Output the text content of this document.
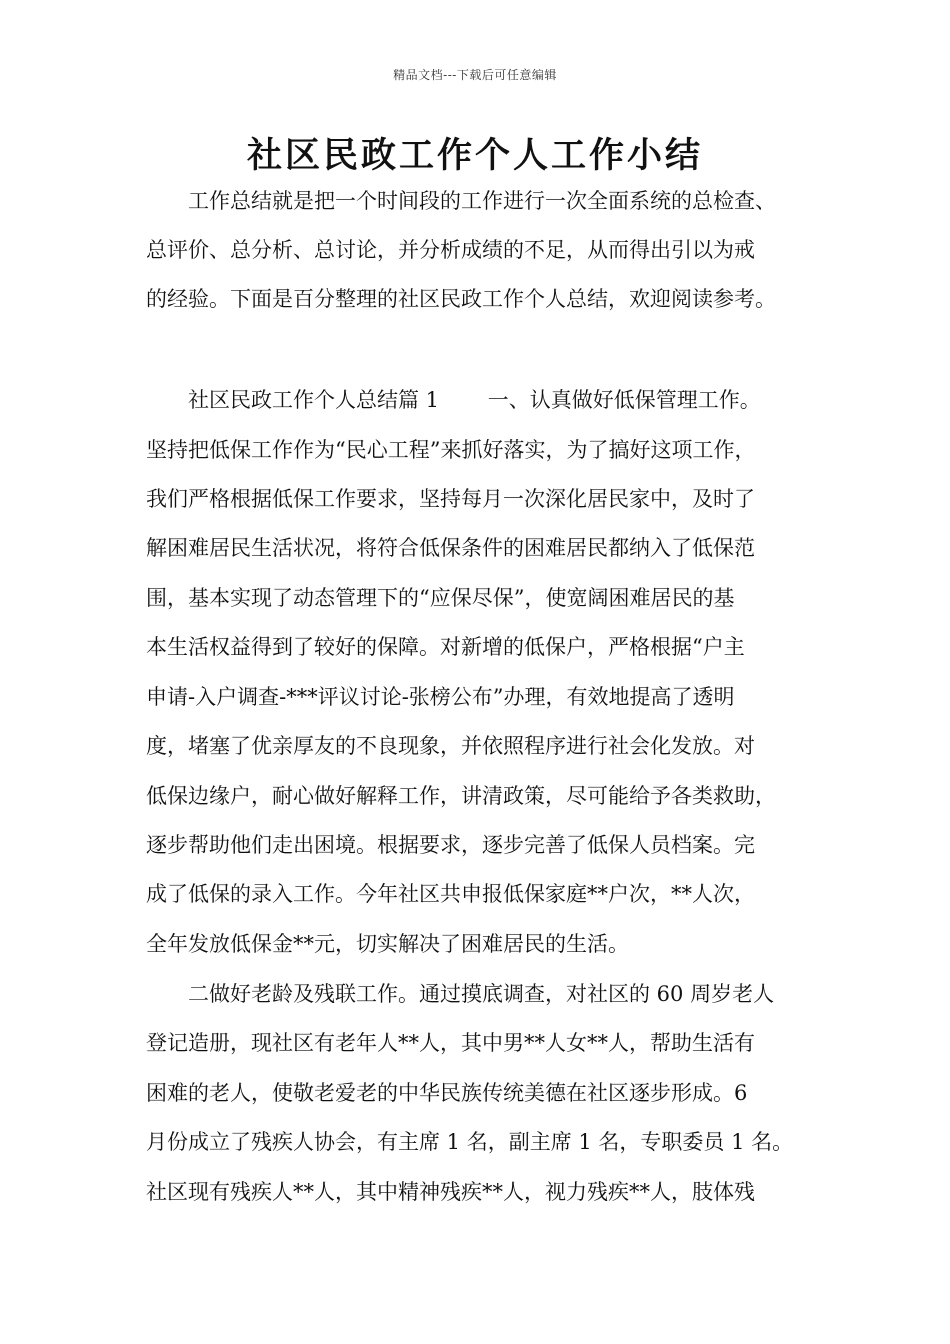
精品文档---下载后可任意编辑
社区民政工作个人工作小结
　　工作总结就是把一个时间段的工作进行一次全面系统的总检查、
总评价、总分析、总讨论，并分析成绩的不足，从而得出引以为戒
的经验。下面是百分整理的社区民政工作个人总结，欢迎阅读参考。
　　社区民政工作个人总结篇 1　　 一、认真做好低保管理工作。
坚持把低保工作作为“民心工程”来抓好落实，为了搞好这项工作，
我们严格根据低保工作要求，坚持每月一次深化居民家中，及时了
解困难居民生活状况，将符合低保条件的困难居民都纳入了低保范
围，基本实现了动态管理下的“应保尽保”，使宽阔困难居民的基
本生活权益得到了较好的保障。对新增的低保户，严格根据“户主
申请-入户调查-***评议讨论-张榜公布”办理，有效地提高了透明
度，堵塞了优亲厚友的不良现象，并依照程序进行社会化发放。对
低保边缘户，耐心做好解释工作，讲清政策，尽可能给予各类救助，
逐步帮助他们走出困境。根据要求，逐步完善了低保人员档案。完
成了低保的录入工作。今年社区共申报低保家庭**户次，**人次，
全年发放低保金**元，切实解决了困难居民的生活。
　　二做好老龄及残联工作。通过摸底调查，对社区的 60 周岁老人
登记造册，现社区有老年人**人，其中男**人女**人，帮助生活有
困难的老人，使敬老爱老的中华民族传统美德在社区逐步形成。6
月份成立了残疾人协会，有主席 1 名，副主席 1 名，专职委员 1 名。
社区现有残疾人**人，其中精神残疾**人，视力残疾**人，肢体残
